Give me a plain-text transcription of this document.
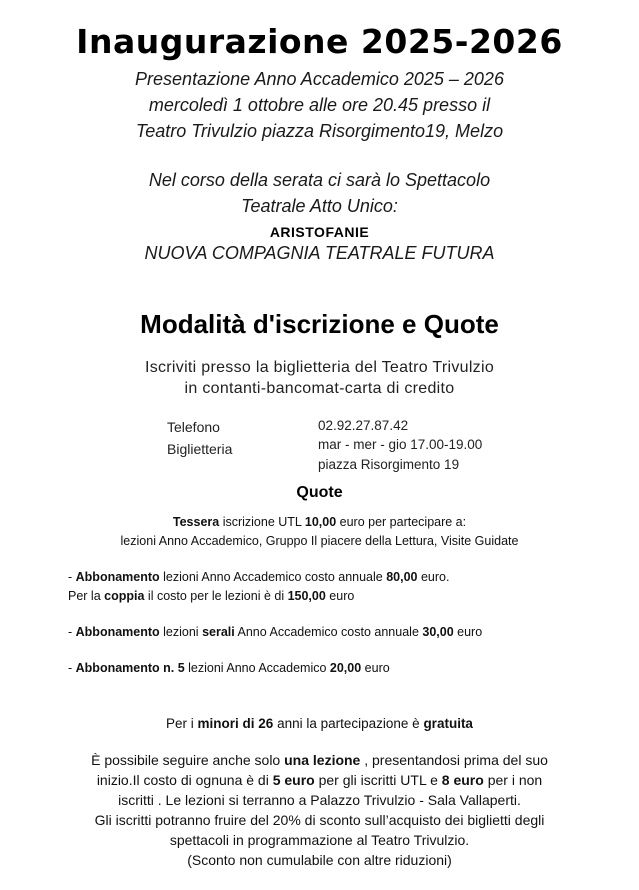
Inaugurazione 2025-2026
Presentazione Anno Accademico 2025 – 2026
mercoledì 1 ottobre alle ore 20.45 presso il
Teatro Trivulzio piazza Risorgimento19, Melzo
Nel corso della serata ci sarà lo Spettacolo
Teatrale Atto Unico:
ARISTOFANIE
NUOVA COMPAGNIA TEATRALE FUTURA
Modalità d'iscrizione e Quote
Iscriviti presso la biglietteria del Teatro Trivulzio
in contanti-bancomat-carta di credito
Telefono
Biglietteria
02.92.27.87.42
mar - mer - gio 17.00-19.00
piazza Risorgimento 19
Quote
Tessera iscrizione UTL 10,00 euro per partecipare a:
lezioni Anno Accademico, Gruppo Il piacere della Lettura, Visite Guidate
- Abbonamento lezioni Anno Accademico costo annuale 80,00 euro.
Per la coppia il costo per le lezioni è di 150,00 euro
- Abbonamento lezioni serali Anno Accademico costo annuale 30,00 euro
- Abbonamento n. 5 lezioni Anno Accademico 20,00 euro
Per i minori di 26 anni la partecipazione è gratuita
È possibile seguire anche solo una lezione , presentandosi prima del suo
inizio.Il costo di ognuna è di 5 euro per gli iscritti UTL e 8 euro per i non
iscritti . Le lezioni si terranno a Palazzo Trivulzio - Sala Vallaperti.
Gli iscritti potranno fruire del 20% di sconto sull’acquisto dei biglietti degli
spettacoli in programmazione al Teatro Trivulzio.
(Sconto non cumulabile con altre riduzioni)
